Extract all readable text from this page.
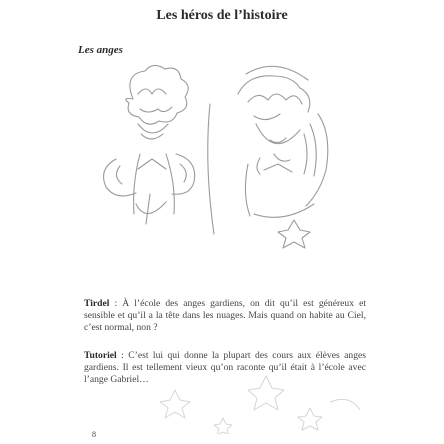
Les héros de l’histoire
Les anges
Tirdel : À l’école des anges gardiens, on dit qu’il est généreux et sensible et qu’il a la tête dans les nuages. Mais quand on habite au Ciel, c’est normal, non ?
Tutoriel : C’est lui qui donne la plupart des cours aux élèves anges gardiens. Il est tellement vieux qu’on raconte qu’il était à l’école avec l’ange Gabriel…
8
